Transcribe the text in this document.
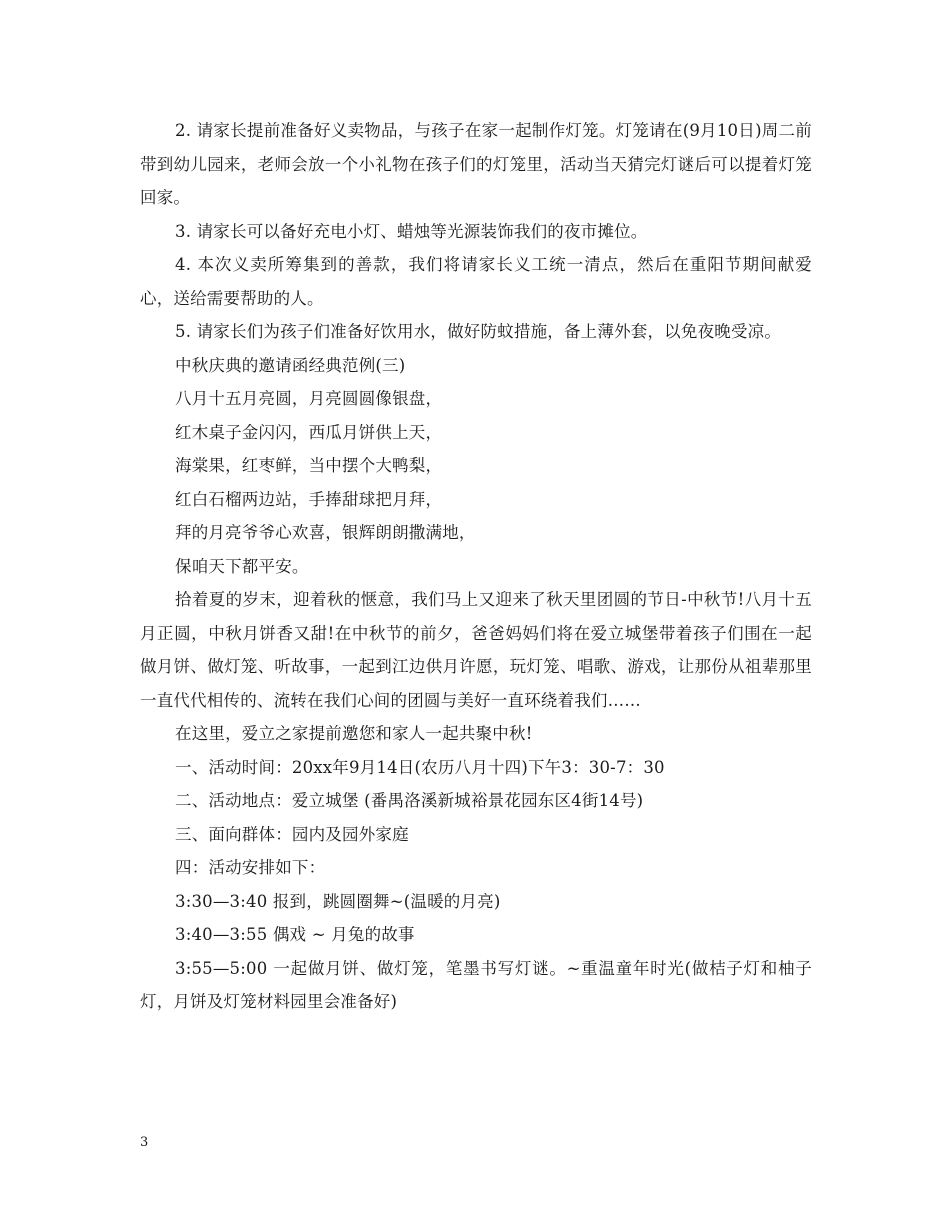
2. 请家长提前准备好义卖物品，与孩子在家一起制作灯笼。灯笼请在(9月10日)周二前带到幼儿园来，老师会放一个小礼物在孩子们的灯笼里，活动当天猜完灯谜后可以提着灯笼回家。

3. 请家长可以备好充电小灯、蜡烛等光源装饰我们的夜市摊位。

4. 本次义卖所筹集到的善款，我们将请家长义工统一清点，然后在重阳节期间献爱心，送给需要帮助的人。

5. 请家长们为孩子们准备好饮用水，做好防蚊措施，备上薄外套，以免夜晚受凉。

中秋庆典的邀请函经典范例(三)

八月十五月亮圆，月亮圆圆像银盘，

红木桌子金闪闪，西瓜月饼供上天，

海棠果，红枣鲜，当中摆个大鸭梨，

红白石榴两边站，手捧甜球把月拜，

拜的月亮爷爷心欢喜，银辉朗朗撒满地，

保咱天下都平安。

拾着夏的岁末，迎着秋的惬意，我们马上又迎来了秋天里团圆的节日-中秋节!八月十五月正圆，中秋月饼香又甜!在中秋节的前夕，爸爸妈妈们将在爱立城堡带着孩子们围在一起做月饼、做灯笼、听故事，一起到江边供月许愿，玩灯笼、唱歌、游戏，让那份从祖辈那里一直代代相传的、流转在我们心间的团圆与美好一直环绕着我们……

在这里，爱立之家提前邀您和家人一起共聚中秋!

一、活动时间：20xx年9月14日(农历八月十四)下午3：30-7：30

二、活动地点：爱立城堡 (番禺洛溪新城裕景花园东区4街14号)

三、面向群体：园内及园外家庭

四：活动安排如下：

3:30—3:40 报到，跳圆圈舞~(温暖的月亮)

3:40—3:55 偶戏 ~ 月兔的故事

3:55—5:00 一起做月饼、做灯笼，笔墨书写灯谜。~重温童年时光(做桔子灯和柚子灯，月饼及灯笼材料园里会准备好)

3
